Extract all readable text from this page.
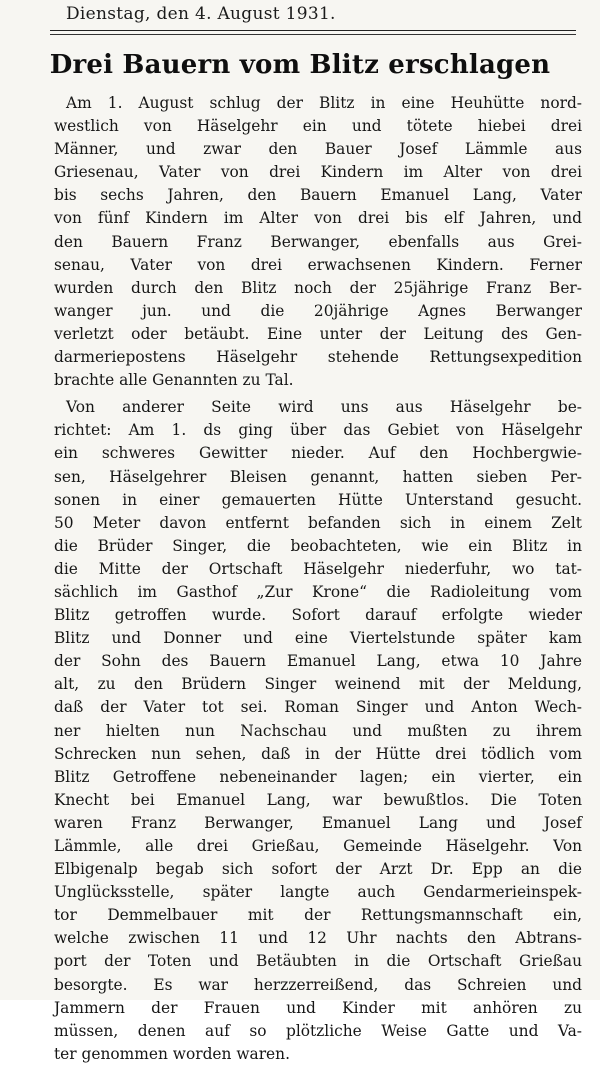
Dienstag, den 4. August 1931.
Drei Bauern vom Blitz erschlagen
Am 1. August schlug der Blitz in eine Heuhütte nord-
westlich von Häselgehr ein und tötete hiebei drei
Männer, und zwar den Bauer Josef Lämmle aus
Griesenau, Vater von drei Kindern im Alter von drei
bis sechs Jahren, den Bauern Emanuel Lang, Vater
von fünf Kindern im Alter von drei bis elf Jahren, und
den Bauern Franz Berwanger, ebenfalls aus Grei-
senau, Vater von drei erwachsenen Kindern. Ferner
wurden durch den Blitz noch der 25jährige Franz Ber-
wanger jun. und die 20jährige Agnes Berwanger
verletzt oder betäubt. Eine unter der Leitung des Gen-
darmeriepostens Häselgehr stehende Rettungsexpedition
brachte alle Genannten zu Tal.
Von anderer Seite wird uns aus Häselgehr be-
richtet: Am 1. ds ging über das Gebiet von Häselgehr
ein schweres Gewitter nieder. Auf den Hochbergwie-
sen, Häselgehrer Bleisen genannt, hatten sieben Per-
sonen in einer gemauerten Hütte Unterstand gesucht.
50 Meter davon entfernt befanden sich in einem Zelt
die Brüder Singer, die beobachteten, wie ein Blitz in
die Mitte der Ortschaft Häselgehr niederfuhr, wo tat-
sächlich im Gasthof „Zur Krone“ die Radioleitung vom
Blitz getroffen wurde. Sofort darauf erfolgte wieder
Blitz und Donner und eine Viertelstunde später kam
der Sohn des Bauern Emanuel Lang, etwa 10 Jahre
alt, zu den Brüdern Singer weinend mit der Meldung,
daß der Vater tot sei. Roman Singer und Anton Wech-
ner hielten nun Nachschau und mußten zu ihrem
Schrecken nun sehen, daß in der Hütte drei tödlich vom
Blitz Getroffene nebeneinander lagen; ein vierter, ein
Knecht bei Emanuel Lang, war bewußtlos. Die Toten
waren Franz Berwanger, Emanuel Lang und Josef
Lämmle, alle drei Grießau, Gemeinde Häselgehr. Von
Elbigenalp begab sich sofort der Arzt Dr. Epp an die
Unglücksstelle, später langte auch Gendarmerieinspek-
tor Demmelbauer mit der Rettungsmannschaft ein,
welche zwischen 11 und 12 Uhr nachts den Abtrans-
port der Toten und Betäubten in die Ortschaft Grießau
besorgte. Es war herzzerreißend, das Schreien und
Jammern der Frauen und Kinder mit anhören zu
müssen, denen auf so plötzliche Weise Gatte und Va-
ter genommen worden waren.
